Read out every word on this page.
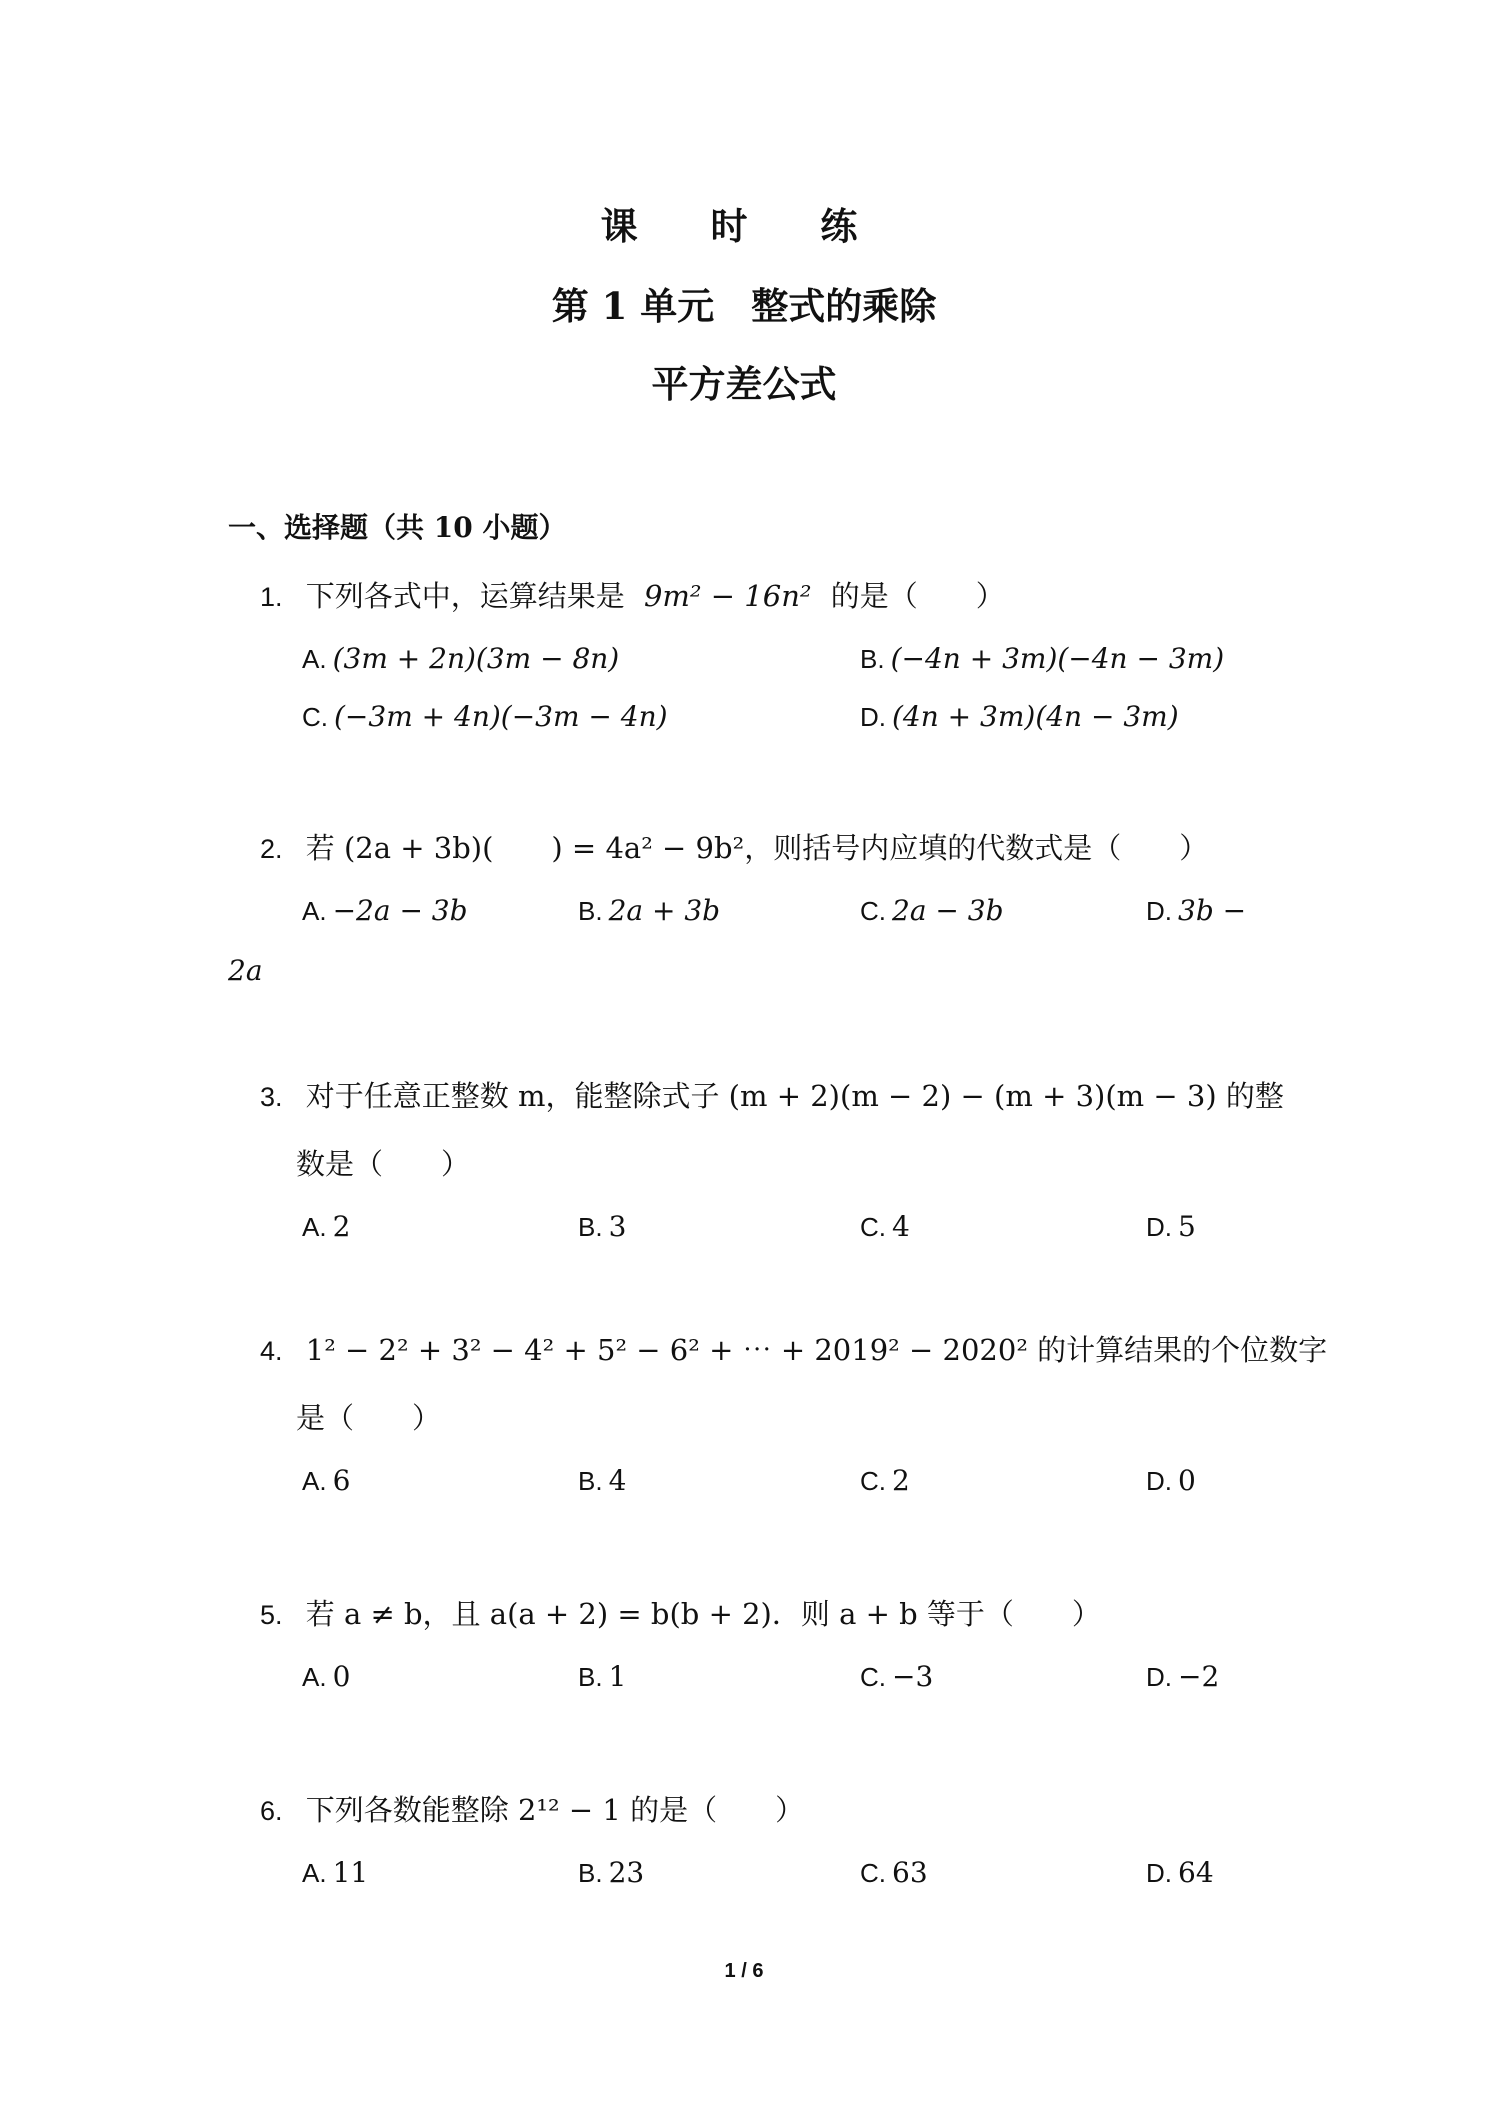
课 时 练
第 1 单元　整式的乘除
平方差公式
一、选择题（共 10 小题）
1. 下列各式中，运算结果是 9m² − 16n² 的是（　　）
A. (3m + 2n)(3m − 8n)	B. (−4n + 3m)(−4n − 3m)
C. (−3m + 4n)(−3m − 4n)	D. (4n + 3m)(4n − 3m)
2. 若 (2a + 3b)(　　) = 4a² − 9b²，则括号内应填的代数式是（　　）
A. −2a − 3b	B. 2a + 3b	C. 2a − 3b	D. 3b −
2a
3. 对于任意正整数 m，能整除式子 (m + 2)(m − 2) − (m + 3)(m − 3) 的整
数是（　　）
A. 2	B. 3	C. 4	D. 5
4. 1² − 2² + 3² − 4² + 5² − 6² + ⋯ + 2019² − 2020² 的计算结果的个位数字
是（　　）
A. 6	B. 4	C. 2	D. 0
5. 若 a ≠ b，且 a(a + 2) = b(b + 2)．则 a + b 等于（　　）
A. 0	B. 1	C. −3	D. −2
6. 下列各数能整除 2¹² − 1 的是（　　）
A. 11	B. 23	C. 63	D. 64
1 / 6
